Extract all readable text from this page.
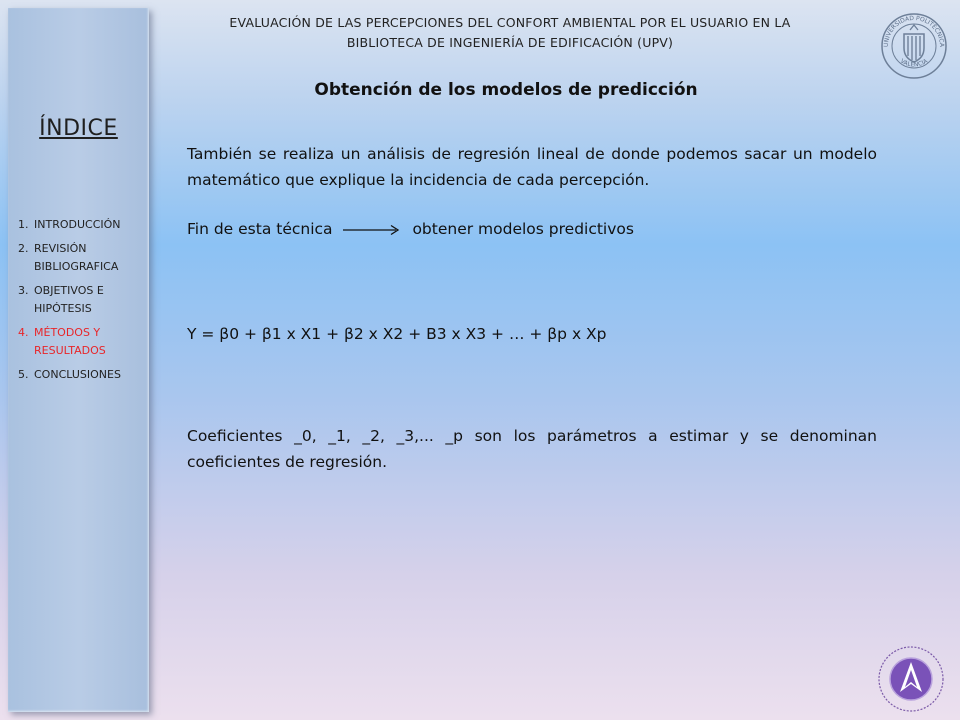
ÍNDICE
1. INTRODUCCIÓN
2. REVISIÓN BIBLIOGRAFICA
3. OBJETIVOS E HIPÓTESIS
4. MÉTODOS Y RESULTADOS
5. CONCLUSIONES
EVALUACIÓN DE LAS PERCEPCIONES DEL CONFORT AMBIENTAL POR EL USUARIO EN LA
BIBLIOTECA DE INGENIERÍA DE EDIFICACIÓN (UPV)	UNIVERSIDAD POLITÉCNICA
VALENCIA
Obtención de los modelos de predicción
También se realiza un análisis de regresión lineal de donde podemos sacar un modelo matemático que explique la incidencia de cada percepción.
Fin de esta técnica	obtener modelos predictivos
Y = β0 + β1 x X1 + β2 x X2 + B3 x X3 + … + βp x Xp
Coeficientes _0, _1, _2, _3,... _p son los parámetros a estimar y se denominan coeficientes de regresión.
